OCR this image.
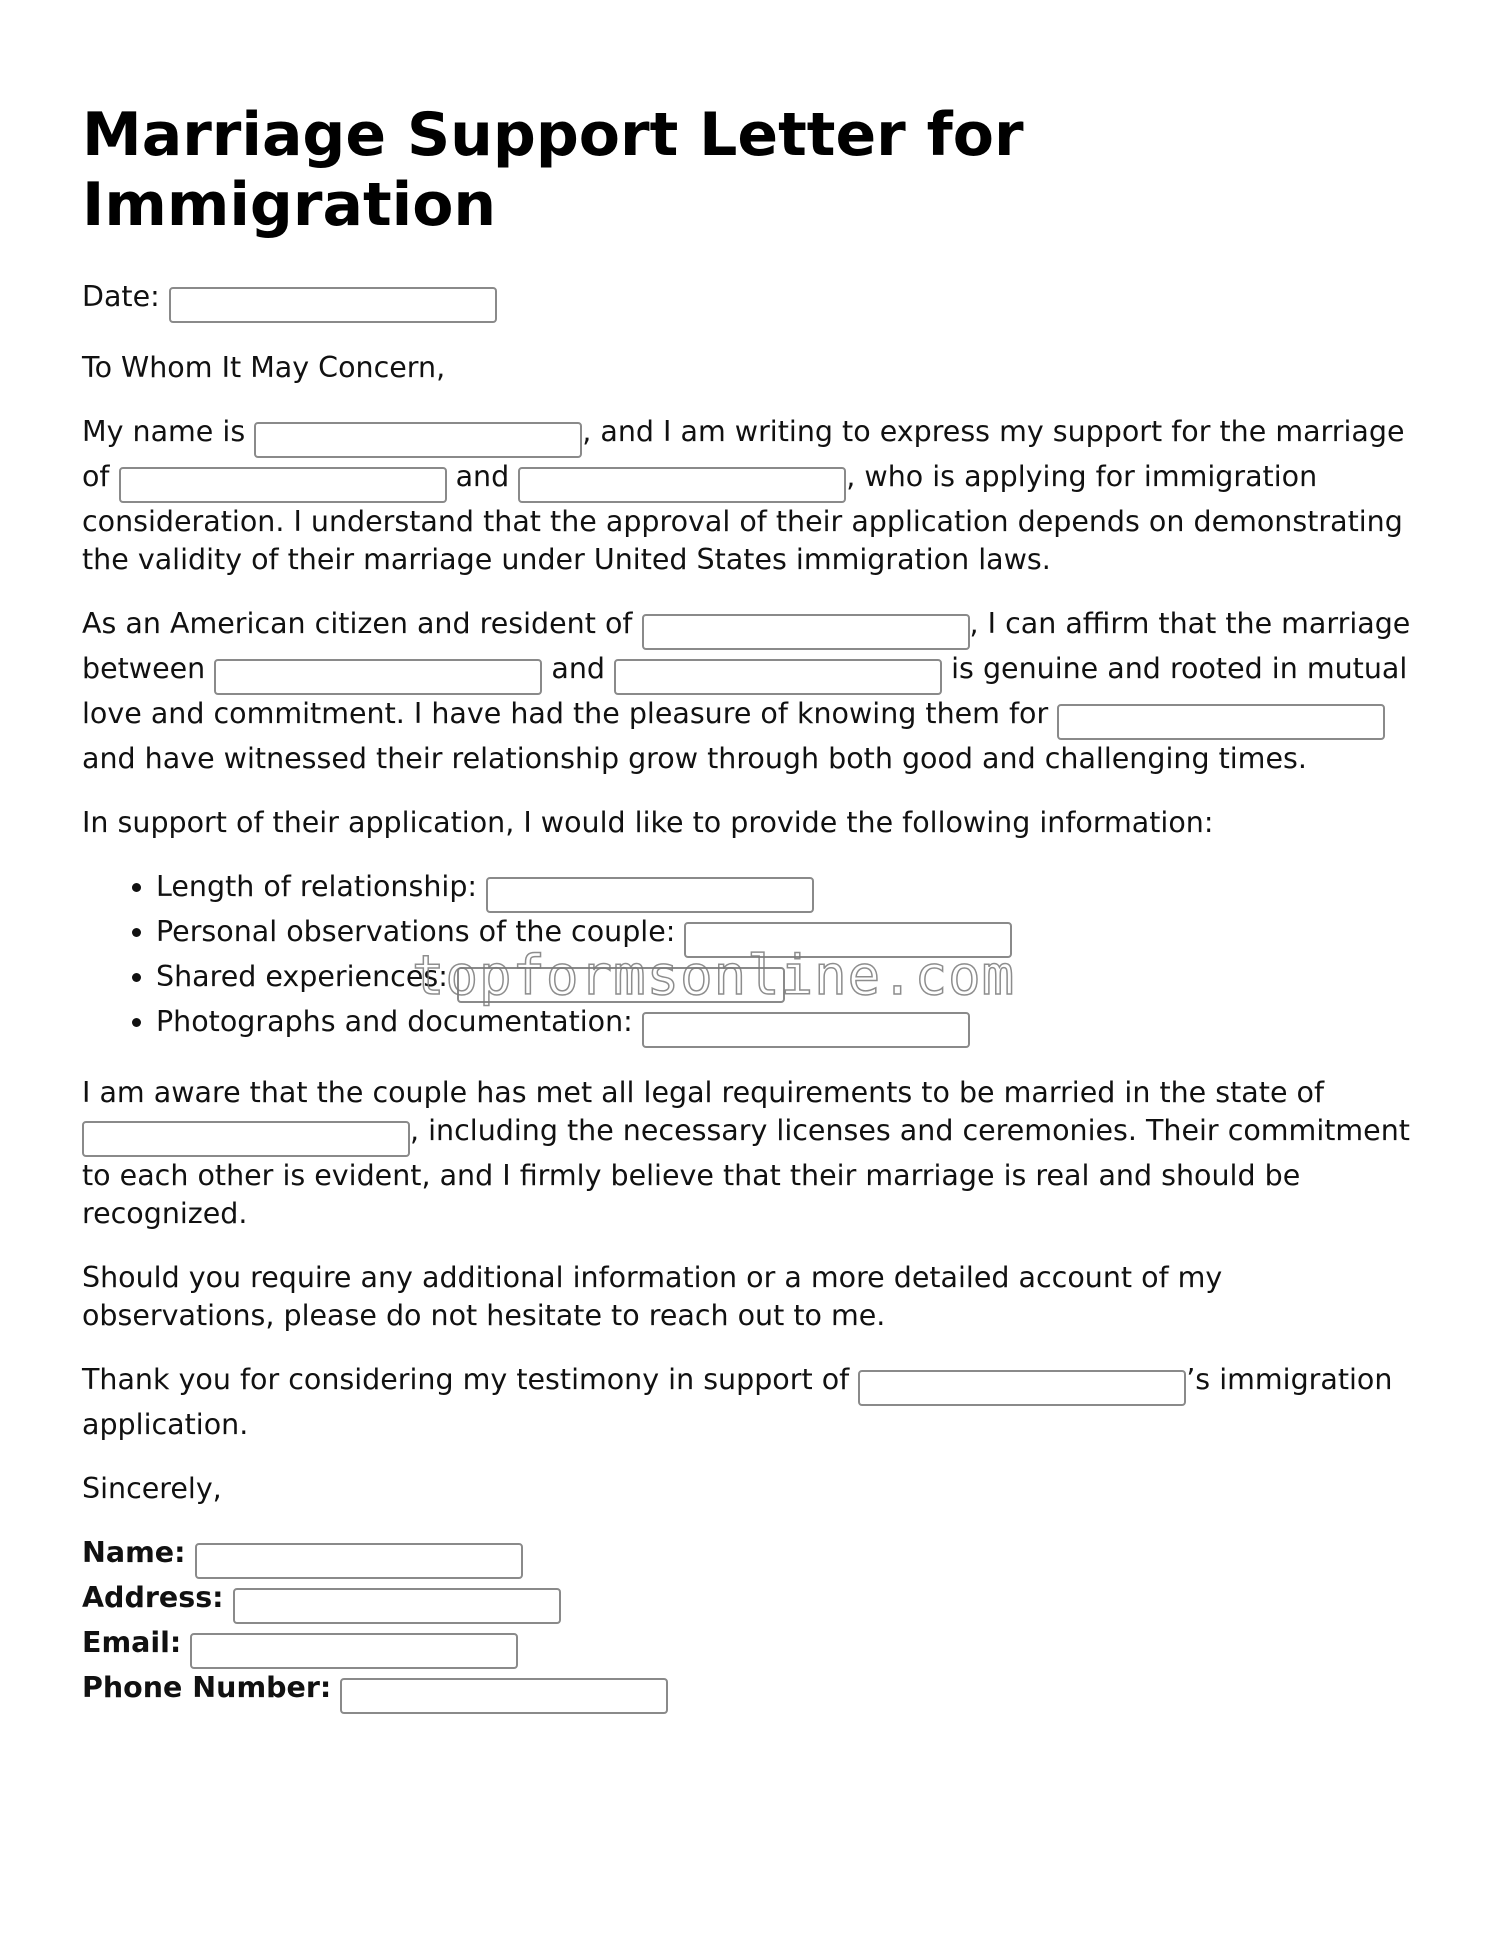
Marriage Support Letter for Immigration

Date:

To Whom It May Concern,

My name is	, and I am writing to express my support for the marriage of	and	, who is applying for immigration consideration. I understand that the approval of their application depends on demonstrating the validity of their marriage under United States immigration laws.

As an American citizen and resident of	, I can affirm that the marriage between	and	is genuine and rooted in mutual love and commitment. I have had the pleasure of knowing them for  and have witnessed their relationship grow through both good and challenging times.

In support of their application, I would like to provide the following information:

• Length of relationship:
• Personal observations of the couple:
• Shared experiences:
• Photographs and documentation:

I am aware that the couple has met all legal requirements to be married in the state of , including the necessary licenses and ceremonies. Their commitment to each other is evident, and I firmly believe that their marriage is real and should be recognized.

Should you require any additional information or a more detailed account of my observations, please do not hesitate to reach out to me.

Thank you for considering my testimony in support of	’s immigration application.

Sincerely,

Name:
Address:
Email:
Phone Number:
